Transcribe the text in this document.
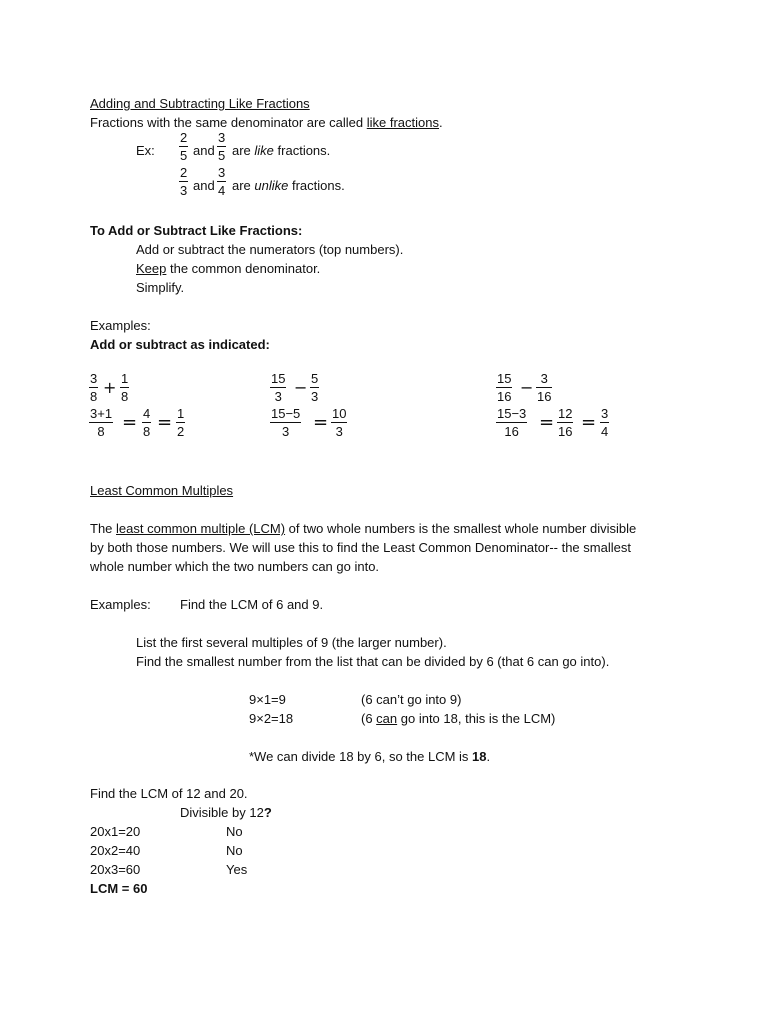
Adding and Subtracting Like Fractions
Fractions with the same denominator are called like fractions.
Ex:
2
5 and
3
5 are like fractions.
2
3 and
3
4 are unlike fractions.
To Add or Subtract Like Fractions:
Add or subtract the numerators (top numbers).
Keep the common denominator.
Simplify.
Examples:
Add or subtract as indicated:
3
8 + 1
8
3+1
8 = 4
8 = 1
2
15
3 − 5
3
15−5
3 = 10
3
15
16 − 3
16
15−3
16 = 12
16 = 3
4
Least Common Multiples
The least common multiple (LCM) of two whole numbers is the smallest whole number divisible
by both those numbers. We will use this to find the Least Common Denominator-- the smallest
whole number which the two numbers can go into.
Examples: Find the LCM of 6 and 9.
List the first several multiples of 9 (the larger number).
Find the smallest number from the list that can be divided by 6 (that 6 can go into).
9×1=9	(6 can’t go into 9)
9×2=18	(6 can go into 18, this is the LCM)
*We can divide 18 by 6, so the LCM is 18.
Find the LCM of 12 and 20.
Divisible by 12?
20x1=20	No
20x2=40	No
20x3=60	Yes
LCM = 60
